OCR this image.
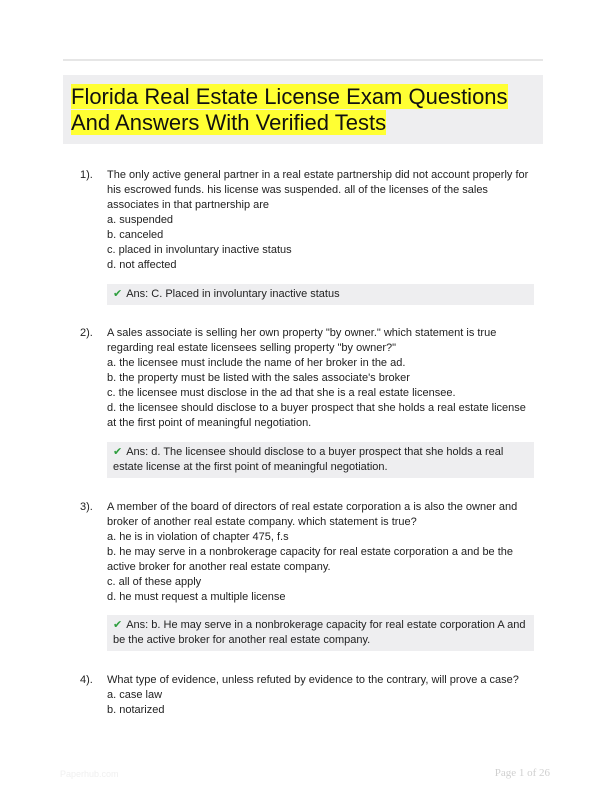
Florida Real Estate License Exam Questions And Answers With Verified Tests
1). The only active general partner in a real estate partnership did not account properly for his escrowed funds. his license was suspended. all of the licenses of the sales associates in that partnership are

a. suspended

b. canceled

c. placed in involuntary inactive status

d. not affected

✔ Ans: C. Placed in involuntary inactive status
2). A sales associate is selling her own property "by owner." which statement is true regarding real estate licensees selling property "by owner?"

a. the licensee must include the name of her broker in the ad.

b. the property must be listed with the sales associate's broker

c. the licensee must disclose in the ad that she is a real estate licensee.

d. the licensee should disclose to a buyer prospect that she holds a real estate license at the first point of meaningful negotiation.

✔ Ans: d. The licensee should disclose to a buyer prospect that she holds a real estate license at the first point of meaningful negotiation.
3). A member of the board of directors of real estate corporation a is also the owner and broker of another real estate company. which statement is true?

a. he is in violation of chapter 475, f.s

b. he may serve in a nonbrokerage capacity for real estate corporation a and be the active broker for another real estate company.

c. all of these apply

d. he must request a multiple license

✔ Ans: b. He may serve in a nonbrokerage capacity for real estate corporation A and be the active broker for another real estate company.
4). What type of evidence, unless refuted by evidence to the contrary, will prove a case?

a. case law

b. notarized

Paperhub.com	Page 1 of 26
